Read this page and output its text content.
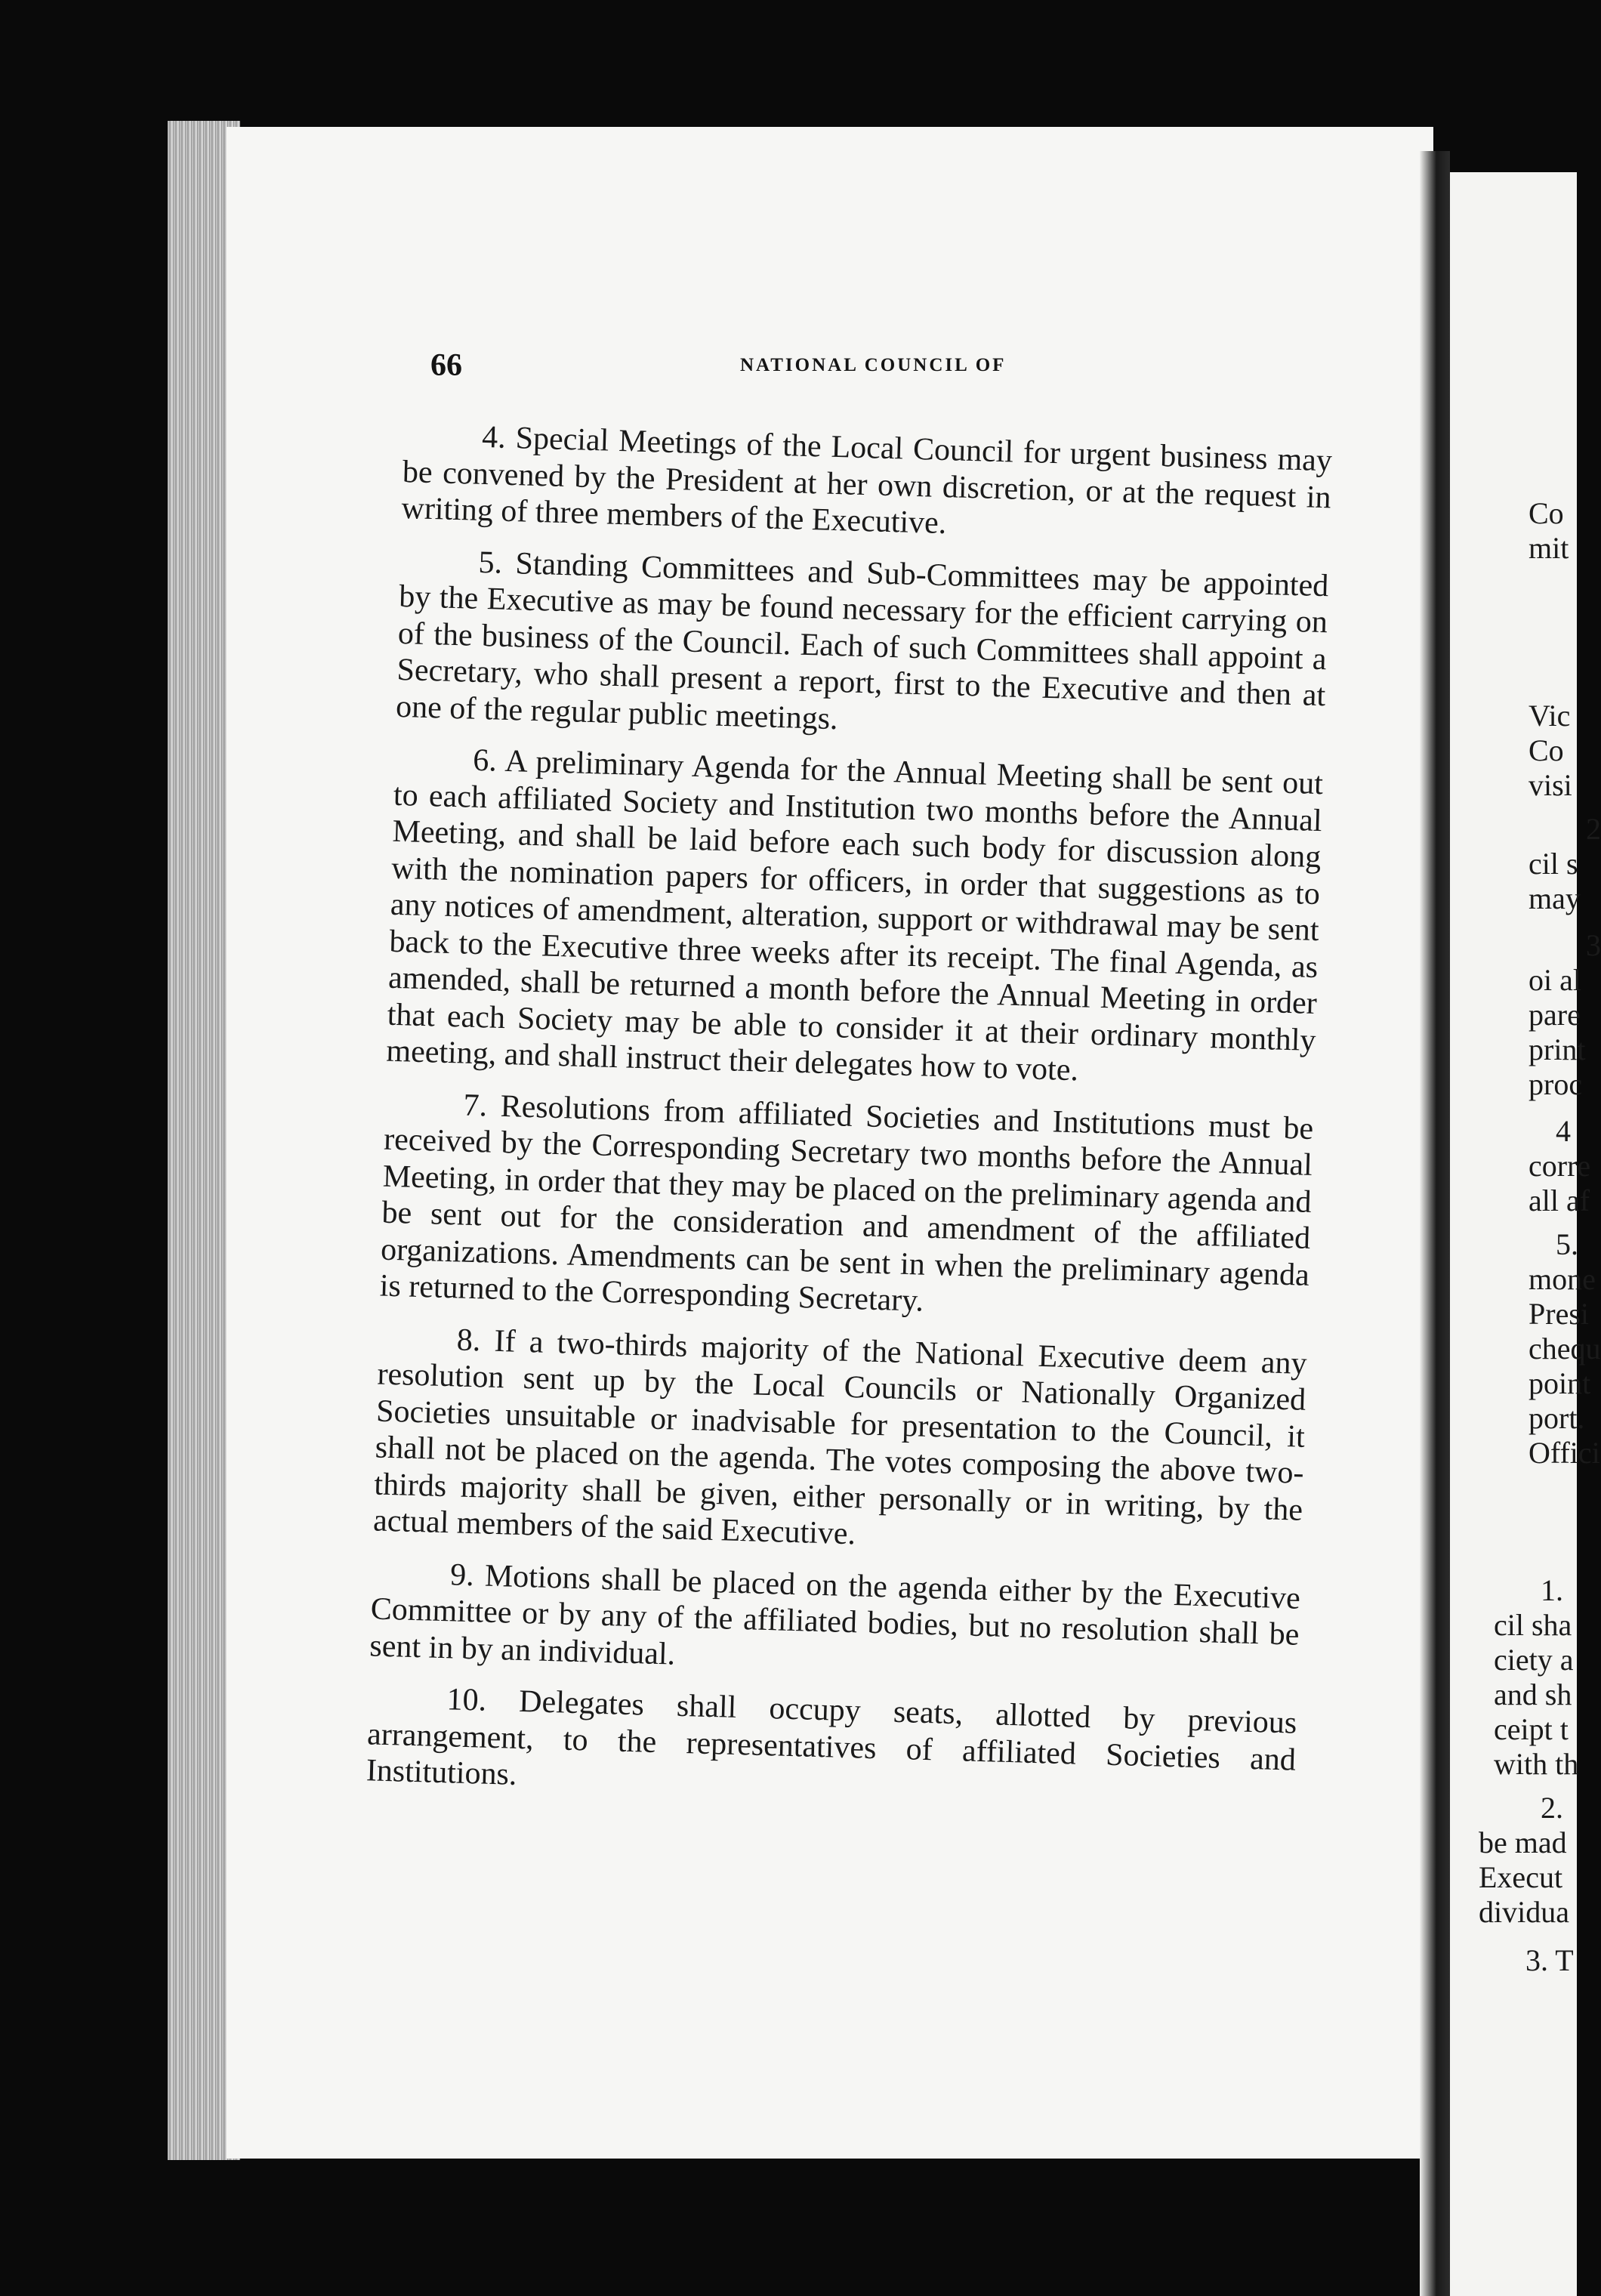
66	NATIONAL COUNCIL OF

4. Special Meetings of the Local Council for urgent business may be convened by the President at her own discretion, or at the request in writing of three members of the Executive.

5. Standing Committees and Sub-Committees may be appointed by the Executive as may be found necessary for the efficient carrying on of the business of the Council. Each of such Committees shall appoint a Secretary, who shall present a report, first to the Executive and then at one of the regular public meetings.

6. A preliminary Agenda for the Annual Meeting shall be sent out to each affiliated Society and Institution two months before the Annual Meeting, and shall be laid before each such body for discussion along with the nomination papers for officers, in order that suggestions as to any notices of amendment, alteration, support or withdrawal may be sent back to the Executive three weeks after its receipt. The final Agenda, as amended, shall be returned a month before the Annual Meeting in order that each Society may be able to consider it at their ordinary monthly meeting, and shall instruct their delegates how to vote.

7. Resolutions from affiliated Societies and Institutions must be received by the Corresponding Secretary two months before the Annual Meeting, in order that they may be placed on the preliminary agenda and be sent out for the consideration and amendment of the affiliated organizations. Amendments can be sent in when the preliminary agenda is returned to the Corresponding Secretary.

8. If a two-thirds majority of the National Executive deem any resolution sent up by the Local Councils or Nationally Organized Societies unsuitable or inadvisable for presentation to the Council, it shall not be placed on the agenda. The votes composing the above two-thirds majority shall be given, either personally or in writing, by the actual members of the said Executive.

9. Motions shall be placed on the agenda either by the Executive Committee or by any of the affiliated bodies, but no resolution shall be sent in by an individual.

10. Delegates shall occupy seats, allotted by previous arrangement, to the representatives of affiliated Societies and Institutions.

Co
mit
Vic
Co
visi
2
cil s
may
3
oi al
pare
print
proc
4
corre
all af
5.
mone
Presi
chequ
point
port.
Offici
1.
cil sha
ciety a
and sh
ceipt t
with th
2.
be mad
Execut
dividua
3. T
